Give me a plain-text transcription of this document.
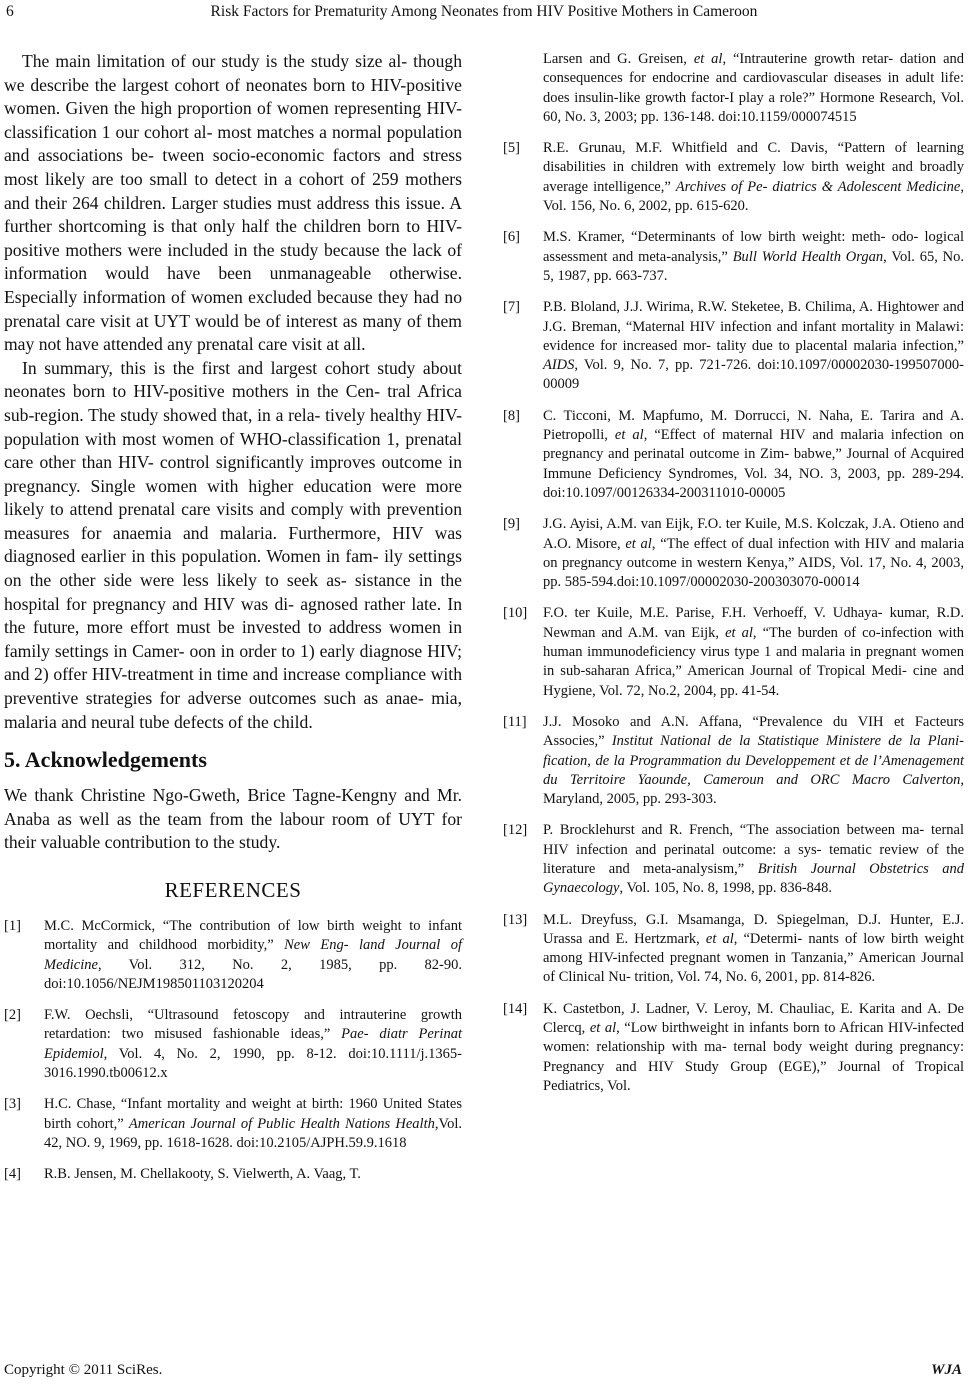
6	Risk Factors for Prematurity Among Neonates from HIV Positive Mothers in Cameroon

The main limitation of our study is the study size al- though we describe the largest cohort of neonates born to HIV-positive women. Given the high proportion of women representing HIV-classification 1 our cohort al- most matches a normal population and associations be- tween socio-economic factors and stress most likely are too small to detect in a cohort of 259 mothers and their 264 children. Larger studies must address this issue. A further shortcoming is that only half the children born to HIV-positive mothers were included in the study because the lack of information would have been unmanageable otherwise. Especially information of women excluded because they had no prenatal care visit at UYT would be of interest as many of them may not have attended any prenatal care visit at all.

In summary, this is the first and largest cohort study about neonates born to HIV-positive mothers in the Cen- tral Africa sub-region. The study showed that, in a rela- tively healthy HIV-population with most women of WHO-classification 1, prenatal care other than HIV- control significantly improves outcome in pregnancy. Single women with higher education were more likely to attend prenatal care visits and comply with prevention measures for anaemia and malaria. Furthermore, HIV was diagnosed earlier in this population. Women in fam- ily settings on the other side were less likely to seek as- sistance in the hospital for pregnancy and HIV was di- agnosed rather late. In the future, more effort must be invested to address women in family settings in Camer- oon in order to 1) early diagnose HIV; and 2) offer HIV-treatment in time and increase compliance with preventive strategies for adverse outcomes such as anae- mia, malaria and neural tube defects of the child.

5. Acknowledgements

We thank Christine Ngo-Gweth, Brice Tagne-Kengny and Mr. Anaba as well as the team from the labour room of UYT for their valuable contribution to the study.

REFERENCES
[1]	M.C. McCormick, “The contribution of low birth weight to infant mortality and childhood morbidity,” New Eng- land Journal of Medicine, Vol. 312, No. 2, 1985, pp. 82-90. doi:10.1056/NEJM198501103120204
[2]	F.W. Oechsli, “Ultrasound fetoscopy and intrauterine growth retardation: two misused fashionable ideas,” Pae- diatr Perinat Epidemiol, Vol. 4, No. 2, 1990, pp. 8-12. doi:10.1111/j.1365-3016.1990.tb00612.x
[3]	H.C. Chase, “Infant mortality and weight at birth: 1960 United States birth cohort,” American Journal of Public Health Nations Health,Vol. 42, NO. 9, 1969, pp. 1618-1628. doi:10.2105/AJPH.59.9.1618
[4]	R.B. Jensen, M. Chellakooty, S. Vielwerth, A. Vaag, T.
Larsen and G. Greisen, et al, “Intrauterine growth retar- dation and consequences for endocrine and cardiovascular diseases in adult life: does insulin-like growth factor-I play a role?” Hormone Research, Vol. 60, No. 3, 2003; pp. 136-148. doi:10.1159/000074515
[5]	R.E. Grunau, M.F. Whitfield and C. Davis, “Pattern of learning disabilities in children with extremely low birth weight and broadly average intelligence,” Archives of Pe- diatrics & Adolescent Medicine, Vol. 156, No. 6, 2002, pp. 615-620.
[6]	M.S. Kramer, “Determinants of low birth weight: meth- odo- logical assessment and meta-analysis,” Bull World Health Organ, Vol. 65, No. 5, 1987, pp. 663-737.
[7]	P.B. Bloland, J.J. Wirima, R.W. Steketee, B. Chilima, A. Hightower and J.G. Breman, “Maternal HIV infection and infant mortality in Malawi: evidence for increased mor- tality due to placental malaria infection,” AIDS, Vol. 9, No. 7, pp. 721-726. doi:10.1097/00002030-199507000-00009
[8]	C. Ticconi, M. Mapfumo, M. Dorrucci, N. Naha, E. Tarira and A. Pietropolli, et al, “Effect of maternal HIV and malaria infection on pregnancy and perinatal outcome in Zim- babwe,” Journal of Acquired Immune Deficiency Syndromes, Vol. 34, NO. 3, 2003, pp. 289-294. doi:10.1097/00126334-200311010-00005
[9]	J.G. Ayisi, A.M. van Eijk, F.O. ter Kuile, M.S. Kolczak, J.A. Otieno and A.O. Misore, et al, “The effect of dual infection with HIV and malaria on pregnancy outcome in western Kenya,” AIDS, Vol. 17, No. 4, 2003, pp. 585-594.doi:10.1097/00002030-200303070-00014
[10]	F.O. ter Kuile, M.E. Parise, F.H. Verhoeff, V. Udhaya- kumar, R.D. Newman and A.M. van Eijk, et al, “The burden of co-infection with human immunodeficiency virus type 1 and malaria in pregnant women in sub-saharan Africa,” American Journal of Tropical Medi- cine and Hygiene, Vol. 72, No.2, 2004, pp. 41-54.
[11]	J.J. Mosoko and A.N. Affana, “Prevalence du VIH et Facteurs Associes,” Institut National de la Statistique Ministere de la Plani- fication, de la Programmation du Developpement et de l’Amenagement du Territoire Yaounde, Cameroun and ORC Macro Calverton, Maryland, 2005, pp. 293-303.
[12]	P. Brocklehurst and R. French, “The association between ma- ternal HIV infection and perinatal outcome: a sys- tematic review of the literature and meta-analysism,” British Journal Obstetrics and Gynaecology, Vol. 105, No. 8, 1998, pp. 836-848.
[13]	M.L. Dreyfuss, G.I. Msamanga, D. Spiegelman, D.J. Hunter, E.J. Urassa and E. Hertzmark, et al, “Determi- nants of low birth weight among HIV-infected pregnant women in Tanzania,” American Journal of Clinical Nu- trition, Vol. 74, No. 6, 2001, pp. 814-826.
[14]	K. Castetbon, J. Ladner, V. Leroy, M. Chauliac, E. Karita and A. De Clercq, et al, “Low birthweight in infants born to African HIV-infected women: relationship with ma- ternal body weight during pregnancy: Pregnancy and HIV Study Group (EGE),” Journal of Tropical Pediatrics, Vol.
Copyright © 2011 SciRes.	WJA
